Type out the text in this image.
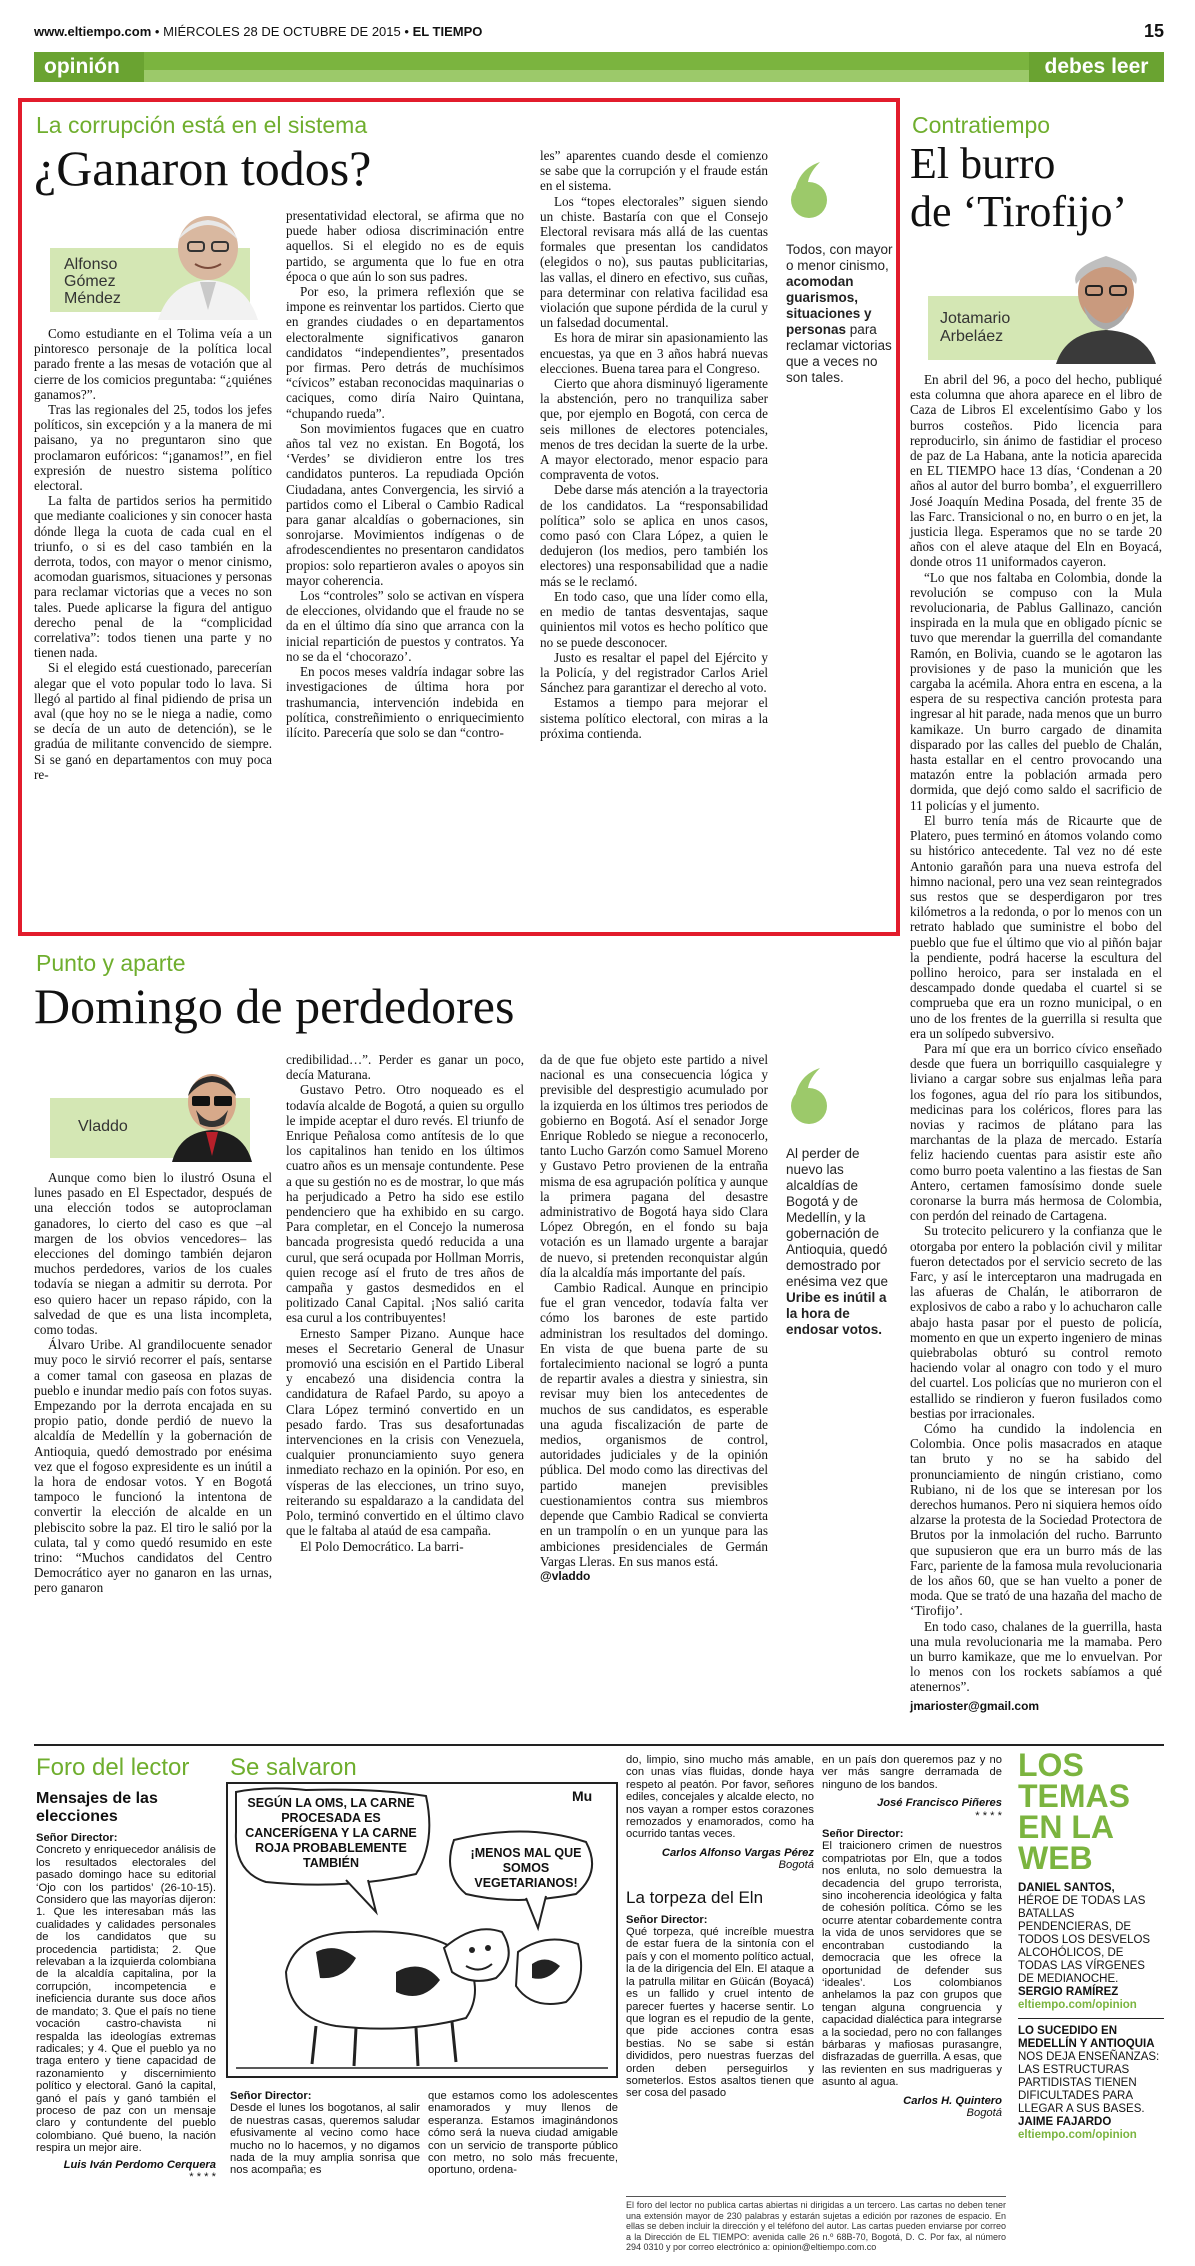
www.eltiempo.com • MIÉRCOLES 28 DE OCTUBRE DE 2015 • EL TIEMPO	15
opinión	debes leer
La corrupción está en el sistema
¿Ganaron todos?
Alfonso Gómez Méndez

Como estudiante en el Tolima veía a un pintoresco personaje de la política local parado frente a las mesas de votación que al cierre de los comicios preguntaba: “¿quiénes ganamos?”.

Tras las regionales del 25, todos los jefes políticos, sin excepción y a la manera de mi paisano, ya no preguntaron sino que proclamaron eufóricos: “¡ganamos!”, en fiel expresión de nuestro sistema político electoral.

La falta de partidos serios ha permitido que mediante coaliciones y sin conocer hasta dónde llega la cuota de cada cual en el triunfo, o si es del caso también en la derrota, todos, con mayor o menor cinismo, acomodan guarismos, situaciones y personas para reclamar victorias que a veces no son tales. Puede aplicarse la figura del antiguo derecho penal de la “complicidad correlativa”: todos tienen una parte y no tienen nada.

Si el elegido está cuestionado, parecerían alegar que el voto popular todo lo lava. Si llegó al partido al final pidiendo de prisa un aval (que hoy no se le niega a nadie, como se decía de un auto de detención), se le gradúa de militante convencido de siempre. Si se ganó en departamentos con muy poca re-

presentatividad electoral, se afirma que no puede haber odiosa discriminación entre aquellos. Si el elegido no es de equis partido, se argumenta que lo fue en otra época o que aún lo son sus padres.

Por eso, la primera reflexión que se impone es reinventar los partidos. Cierto que en grandes ciudades o en departamentos electoralmente significativos ganaron candidatos “independientes”, presentados por firmas. Pero detrás de muchísimos “cívicos” estaban reconocidas maquinarias o caciques, como diría Nairo Quintana, “chupando rueda”.

Son movimientos fugaces que en cuatro años tal vez no existan. En Bogotá, los ‘Verdes’ se dividieron entre los tres candidatos punteros. La repudiada Opción Ciudadana, antes Convergencia, les sirvió a partidos como el Liberal o Cambio Radical para ganar alcaldías o gobernaciones, sin sonrojarse. Movimientos indígenas o de afrodescendientes no presentaron candidatos propios: solo repartieron avales o apoyos sin mayor coherencia.

Los “controles” solo se activan en víspera de elecciones, olvidando que el fraude no se da en el último día sino que arranca con la inicial repartición de puestos y contratos. Ya no se da el ‘chocorazo’.

En pocos meses valdría indagar sobre las investigaciones de última hora por trashumancia, intervención indebida en política, constreñimiento o enriquecimiento ilícito. Parecería que solo se dan “contro-

les” aparentes cuando desde el comienzo se sabe que la corrupción y el fraude están en el sistema.

Los “topes electorales” siguen siendo un chiste. Bastaría con que el Consejo Electoral revisara más allá de las cuentas formales que presentan los candidatos (elegidos o no), sus pautas publicitarias, las vallas, el dinero en efectivo, sus cuñas, para determinar con relativa facilidad esa violación que supone pérdida de la curul y un falsedad documental.

Es hora de mirar sin apasionamiento las encuestas, ya que en 3 años habrá nuevas elecciones. Buena tarea para el Congreso.

Cierto que ahora disminuyó ligeramente la abstención, pero no tranquiliza saber que, por ejemplo en Bogotá, con cerca de seis millones de electores potenciales, menos de tres decidan la suerte de la urbe. A mayor electorado, menor espacio para compraventa de votos.

Debe darse más atención a la trayectoria de los candidatos. La “responsabilidad política” solo se aplica en unos casos, como pasó con Clara López, a quien le dedujeron (los medios, pero también los electores) una responsabilidad que a nadie más se le reclamó.

En todo caso, que una líder como ella, en medio de tantas desventajas, saque quinientos mil votos es hecho político que no se puede desconocer.

Justo es resaltar el papel del Ejército y la Policía, y del registrador Carlos Ariel Sánchez para garantizar el derecho al voto.

Estamos a tiempo para mejorar el sistema político electoral, con miras a la próxima contienda.

Todos, con mayor o menor cinismo, acomodan guarismos, situaciones y personas para reclamar victorias que a veces no son tales.
Punto y aparte
Domingo de perdedores
Vladdo

Aunque como bien lo ilustró Osuna el lunes pasado en El Espectador, después de una elección todos se autoproclaman ganadores, lo cierto del caso es que –al margen de los obvios vencedores– las elecciones del domingo también dejaron muchos perdedores, varios de los cuales todavía se niegan a admitir su derrota. Por eso quiero hacer un repaso rápido, con la salvedad de que es una lista incompleta, como todas.

Álvaro Uribe. Al grandilocuente senador muy poco le sirvió recorrer el país, sentarse a comer tamal con gaseosa en plazas de pueblo e inundar medio país con fotos suyas. Empezando por la derrota encajada en su propio patio, donde perdió de nuevo la alcaldía de Medellín y la gobernación de Antioquia, quedó demostrado por enésima vez que el fogoso expresidente es un inútil a la hora de endosar votos. Y en Bogotá tampoco le funcionó la intentona de convertir la elección de alcalde en un plebiscito sobre la paz. El tiro le salió por la culata, tal y como quedó resumido en este trino: “Muchos candidatos del Centro Democrático ayer no ganaron en las urnas, pero ganaron

credibilidad…”. Perder es ganar un poco, decía Maturana.

Gustavo Petro. Otro noqueado es el todavía alcalde de Bogotá, a quien su orgullo le impide aceptar el duro revés. El triunfo de Enrique Peñalosa como antítesis de lo que los capitalinos han tenido en los últimos cuatro años es un mensaje contundente. Pese a que su gestión no es de mostrar, lo que más ha perjudicado a Petro ha sido ese estilo pendenciero que ha exhibido en su cargo. Para completar, en el Concejo la numerosa bancada progresista quedó reducida a una curul, que será ocupada por Hollman Morris, quien recoge así el fruto de tres años de campaña y gastos desmedidos en el politizado Canal Capital. ¡Nos salió carita esa curul a los contribuyentes!

Ernesto Samper Pizano. Aunque hace meses el Secretario General de Unasur promovió una escisión en el Partido Liberal y encabezó una disidencia contra la candidatura de Rafael Pardo, su apoyo a Clara López terminó convertido en un pesado fardo. Tras sus desafortunadas intervenciones en la crisis con Venezuela, cualquier pronunciamiento suyo genera inmediato rechazo en la opinión. Por eso, en vísperas de las elecciones, un trino suyo, reiterando su espaldarazo a la candidata del Polo, terminó convertido en el último clavo que le faltaba al ataúd de esa campaña.

El Polo Democrático. La barri-

da de que fue objeto este partido a nivel nacional es una consecuencia lógica y previsible del desprestigio acumulado por la izquierda en los últimos tres periodos de gobierno en Bogotá. Así el senador Jorge Enrique Robledo se niegue a reconocerlo, tanto Lucho Garzón como Samuel Moreno y Gustavo Petro provienen de la entraña misma de esa agrupación política y aunque la primera pagana del desastre administrativo de Bogotá haya sido Clara López Obregón, en el fondo su baja votación es un llamado urgente a barajar de nuevo, si pretenden reconquistar algún día la alcaldía más importante del país.

Cambio Radical. Aunque en principio fue el gran vencedor, todavía falta ver cómo los barones de este partido administran los resultados del domingo. En vista de que buena parte de su fortalecimiento nacional se logró a punta de repartir avales a diestra y siniestra, sin revisar muy bien los antecedentes de muchos de sus candidatos, es esperable una aguda fiscalización de parte de medios, organismos de control, autoridades judiciales y de la opinión pública. Del modo como las directivas del partido manejen previsibles cuestionamientos contra sus miembros depende que Cambio Radical se convierta en un trampolín o en un yunque para las ambiciones presidenciales de Germán Vargas Lleras. En sus manos está.

@vladdo

Al perder de nuevo las alcaldías de Bogotá y de Medellín, y la gobernación de Antioquia, quedó demostrado por enésima vez que Uribe es inútil a la hora de endosar votos.
Contratiempo
El burro
de ‘Tirofijo’
Jotamario Arbeláez

En abril del 96, a poco del hecho, publiqué esta columna que ahora aparece en el libro de Caza de Libros El excelentísimo Gabo y los burros costeños. Pido licencia para reproducirlo, sin ánimo de fastidiar el proceso de paz de La Habana, ante la noticia aparecida en EL TIEMPO hace 13 días, ‘Condenan a 20 años al autor del burro bomba’, el exguerrillero José Joaquín Medina Posada, del frente 35 de las Farc. Transicional o no, en burro o en jet, la justicia llega. Esperamos que no se tarde 20 años con el aleve ataque del Eln en Boyacá, donde otros 11 uniformados cayeron.

“Lo que nos faltaba en Colombia, donde la revolución se compuso con la Mula revolucionaria, de Pablus Gallinazo, canción inspirada en la mula que en obligado pícnic se tuvo que merendar la guerrilla del comandante Ramón, en Bolivia, cuando se le agotaron las provisiones y de paso la munición que les cargaba la acémila. Ahora entra en escena, a la espera de su respectiva canción protesta para ingresar al hit parade, nada menos que un burro kamikaze. Un burro cargado de dinamita disparado por las calles del pueblo de Chalán, hasta estallar en el centro provocando una matazón entre la población armada pero dormida, que dejó como saldo el sacrificio de 11 policías y el jumento.

El burro tenía más de Ricaurte que de Platero, pues terminó en átomos volando como su histórico antecedente. Tal vez no dé este Antonio garañón para una nueva estrofa del himno nacional, pero una vez sean reintegrados sus restos que se desperdigaron por tres kilómetros a la redonda, o por lo menos con un retrato hablado que suministre el bobo del pueblo que fue el último que vio al piñón bajar la pendiente, podrá hacerse la escultura del pollino heroico, para ser instalada en el descampado donde quedaba el cuartel si se comprueba que era un rozno municipal, o en uno de los frentes de la guerrilla si resulta que era un solípedo subversivo.

Para mí que era un borrico cívico enseñado desde que fuera un borriquillo casquialegre y liviano a cargar sobre sus enjalmas leña para los fogones, agua del río para los sitibundos, medicinas para los coléricos, flores para las novias y racimos de plátano para las marchantas de la plaza de mercado. Estaría feliz haciendo cuentas para asistir este año como burro poeta valentino a las fiestas de San Antero, certamen famosísimo donde suele coronarse la burra más hermosa de Colombia, con perdón del reinado de Cartagena.

Su trotecito pelicurero y la confianza que le otorgaba por entero la población civil y militar fueron detectados por el servicio secreto de las Farc, y así le interceptaron una madrugada en las afueras de Chalán, le atiborraron de explosivos de cabo a rabo y lo achucharon calle abajo hasta pasar por el puesto de policía, momento en que un experto ingeniero de minas quiebrabolas obturó su control remoto haciendo volar al onagro con todo y el muro del cuartel. Los policías que no murieron con el estallido se rindieron y fueron fusilados como bestias por irracionales.

Cómo ha cundido la indolencia en Colombia. Once polis masacrados en ataque tan bruto y no se ha sabido del pronunciamiento de ningún cristiano, como Rubiano, ni de los que se interesan por los derechos humanos. Pero ni siquiera hemos oído alzarse la protesta de la Sociedad Protectora de Brutos por la inmolación del rucho. Barrunto que supusieron que era un burro más de las Farc, pariente de la famosa mula revolucionaria de los años 60, que se han vuelto a poner de moda. Que se trató de una hazaña del macho de ‘Tirofijo’.

En todo caso, chalanes de la guerrilla, hasta una mula revolucionaria me la mamaba. Pero un burro kamikaze, que me lo envuelvan. Por lo menos con los rockets sabíamos a qué atenernos”.

jmarioster@gmail.com

Foro del lector
Mensajes de las elecciones
Señor Director:
Concreto y enriquecedor análisis de los resultados electorales del pasado domingo hace su editorial ‘Ojo con los partidos’ (26-10-15). Considero que las mayorías dijeron: 1. Que les interesaban más las cualidades y calidades personales de los candidatos que su procedencia partidista; 2. Que relevaban a la izquierda colombiana de la alcaldía capitalina, por la corrupción, incompetencia e ineficiencia durante sus doce años de mandato; 3. Que el país no tiene vocación castro-chavista ni respalda las ideologías extremas radicales; y 4. Que el pueblo ya no traga entero y tiene capacidad de razonamiento y discernimiento político y electoral. Ganó la capital, ganó el país y ganó también el proceso de paz con un mensaje claro y contundente del pueblo colombiano. Qué bueno, la nación respira un mejor aire.
Luis Iván Perdomo Cerquera
* * * *
Se salvaron
SEGÚN LA OMS, LA CARNE PROCESADA ES CANCERÍGENA Y LA CARNE ROJA PROBABLEMENTE TAMBIÉN
¡MENOS MAL QUE SOMOS VEGETARIANOS!
Mu
Señor Director:
Desde el lunes los bogotanos, al salir de nuestras casas, queremos saludar efusivamente al vecino como hace mucho no lo hacemos, y no digamos nada de la muy amplia sonrisa que nos acompaña; es
que estamos como los adolescentes enamorados y muy llenos de esperanza. Estamos imaginándonos cómo será la nueva ciudad amigable con un servicio de transporte público con metro, no solo más frecuente, oportuno, ordena-
do, limpio, sino mucho más amable, con unas vías fluidas, donde haya respeto al peatón. Por favor, señores ediles, concejales y alcalde electo, no nos vayan a romper estos corazones remozados y enamorados, como ha ocurrido tantas veces.
Carlos Alfonso Vargas Pérez
Bogotá
La torpeza del Eln
Señor Director:
Qué torpeza, qué increíble muestra de estar fuera de la sintonía con el país y con el momento político actual, la de la dirigencia del Eln. El ataque a la patrulla militar en Güicán (Boyacá) es un fallido y cruel intento de parecer fuertes y hacerse sentir. Lo que logran es el repudio de la gente, que pide acciones contra esas bestias. No se sabe si están divididos, pero nuestras fuerzas del orden deben perseguirlos y someterlos. Estos asaltos tienen que ser cosa del pasado
en un país don queremos paz y no ver más sangre derramada de ninguno de los bandos.
José Francisco Piñeres
* * * *
Señor Director:
El traicionero crimen de nuestros compatriotas por Eln, que a todos nos enluta, no solo demuestra la decadencia del grupo terrorista, sino incoherencia ideológica y falta de cohesión política. Cómo se les ocurre atentar cobardemente contra la vida de unos servidores que se encontraban custodiando la democracia que les ofrece la oportunidad de defender sus ‘ideales’. Los colombianos anhelamos la paz con grupos que tengan alguna congruencia y capacidad dialéctica para integrarse a la sociedad, pero no con fallanges bárbaras y mafiosas purasangre, disfrazadas de guerrilla. A esas, que las revienten en sus madrigueras y asunto al agua.
Carlos H. Quintero
Bogotá
El foro del lector no publica cartas abiertas ni dirigidas a un tercero. Las cartas no deben tener una extensión mayor de 230 palabras y estarán sujetas a edición por razones de espacio. En ellas se deben incluir la dirección y el teléfono del autor. Las cartas pueden enviarse por correo a la Dirección de EL TIEMPO: avenida calle 26 n.º 68B-70, Bogotá, D. C. Por fax, al número 294 0310 y por correo electrónico a: opinion@eltiempo.com.co
LOS
TEMAS
EN LA
WEB
DANIEL SANTOS,
HÉROE DE TODAS LAS BATALLAS PENDENCIERAS, DE TODOS LOS DESVELOS ALCOHÓLICOS, DE TODAS LAS VÍRGENES DE MEDIANOCHE.
SERGIO RAMÍREZ
eltiempo.com/opinion
LO SUCEDIDO EN MEDELLÍN Y ANTIOQUIA
NOS DEJA ENSEÑANZAS: LAS ESTRUCTURAS PARTIDISTAS TIENEN DIFICULTADES PARA LLEGAR A SUS BASES.
JAIME FAJARDO
eltiempo.com/opinion
